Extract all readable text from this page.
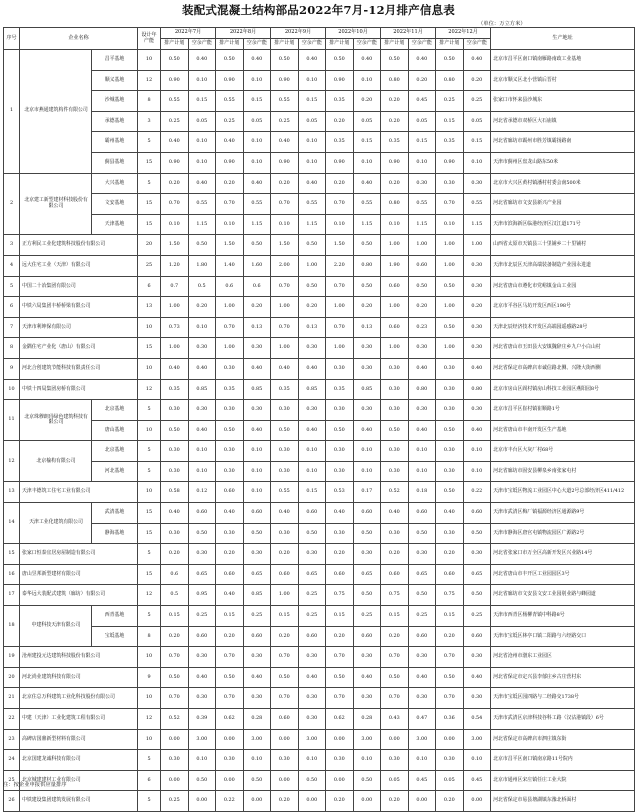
装配式混凝土结构部品2022年7月-12月排产信息表
（单位：万立方米）
序号	企业名称		设计年产能	2022年7月		2022年8月		2022年9月		2022年10月		2022年11月		2022年12月		生产地址
				排产计划	空余产能	排产计划	空余产能	排产计划	空余产能	排产计划	空余产能	排产计划	空余产能	排产计划	空余产能	
1	北京市燕通建筑构件有限公司	昌平基地	10	0.50	0.40	0.50	0.40	0.50	0.40	0.50	0.40	0.50	0.40	0.50	0.40	北京市昌平区南口镇南雁路南政工业基地
		顺义基地	12	0.90	0.10	0.90	0.10	0.90	0.10	0.90	0.10	0.80	0.20	0.80	0.20	北京市顺义区北小营镇后晋村
		沙城基地	8	0.55	0.15	0.55	0.15	0.55	0.15	0.35	0.20	0.20	0.45	0.25	0.25	张家口市怀来县沙城东
		承德基地	3	0.25	0.05	0.25	0.05	0.25	0.05	0.20	0.05	0.20	0.05	0.15	0.05	河北省承德市双桥区大石庙镇
		霸州基地	5	0.40	0.10	0.40	0.10	0.40	0.10	0.35	0.15	0.35	0.15	0.35	0.15	河北省廊坊市霸州市胜芳镇霸扬路南
		蓟县基地	15	0.90	0.10	0.90	0.10	0.90	0.10	0.90	0.10	0.90	0.10	0.90	0.10	天津市蓟州区盘龙山路东50米
2	北京建工新型建材科技股份有限公司	大兴基地	5	0.20	0.40	0.20	0.40	0.20	0.40	0.20	0.40	0.20	0.30	0.30	0.30	北京市大兴区黄村镇潘村村委会南500米
		文安基地	15	0.70	0.55	0.70	0.55	0.70	0.55	0.70	0.55	0.80	0.55	0.70	0.55	河北省廊坊市文安县新兴产业园
		天津基地	15	0.10	1.15	0.10	1.15	0.10	1.15	0.10	1.15	0.10	1.15	0.10	1.15	天津市滨海新区临港经济区汉江道171号
3	正方利民工业化建筑科技股份有限公司		20	1.50	0.50	1.50	0.50	1.50	0.50	1.50	0.50	1.00	1.00	1.00	1.00	山西省太原市天镇县三十里铺乡二十里铺村
4	远大住宅工业（天津）有限公司		25	1.20	1.80	1.40	1.60	2.00	1.00	2.20	0.80	1.90	0.60	1.00	0.30	天津市北辰区天津高端装备制造产业园永进道
5	中国二十冶集团有限公司		6	0.7	0.5	0.6	0.6	0.70	0.50	0.70	0.50	0.60	0.50	0.50	0.30	河北省唐山市遵化市党峪镇金山工业园
6	中铁六局集团丰桥桥梁有限公司		13	1.00	0.20	1.00	0.20	1.00	0.20	1.00	0.20	1.00	0.20	1.00	0.20	北京市平谷区马坊开发区西区198号
7	天津市利坤保有限公司		10	0.73	0.10	0.70	0.13	0.70	0.13	0.70	0.13	0.60	0.23	0.50	0.30	天津北辰经济技术开发区高端园遥感路28号
8	金隅住宅产业化（唐山）有限公司		15	1.00	0.30	1.00	0.30	1.00	0.30	1.00	0.30	1.00	0.30	1.00	0.30	河北省唐山市玉田县大安镇魏辞庄乡九户小白山村
9	河北合创建筑节能科技有限责任公司		10	0.40	0.40	0.30	0.40	0.40	0.40	0.30	0.30	0.30	0.40	0.30	0.40	河北省保定市高碑店市诚信路北侧、兴隆大街西侧
10	中铁十四局集团房桥有限公司		12	0.35	0.85	0.35	0.85	0.35	0.85	0.35	0.85	0.30	0.80	0.30	0.80	北京市房山区阎村镇房山科技工业园区燕阳园8号
11	北京珠穆朗玛绿色建筑科技有限公司	北京基地	5	0.30	0.30	0.30	0.30	0.30	0.30	0.30	0.30	0.30	0.30	0.30	0.30	北京市昌平区崔村镇崔顺路1号
		唐山基地	10	0.50	0.40	0.50	0.40	0.50	0.40	0.50	0.40	0.50	0.40	0.50	0.40	河北省唐山市丰南开发区生产基地
12	北京榆构有限公司	北京基地	5	0.30	0.10	0.30	0.10	0.30	0.10	0.30	0.10	0.30	0.10	0.30	0.10	北京市丰台区大灰厂村68号
		河北基地	5	0.30	0.10	0.30	0.10	0.30	0.10	0.30	0.10	0.30	0.10	0.30	0.10	河北省廊坊市固安县柳泉乡南张家屯村
13	天津丰德筑工住宅工业有限公司		10	0.58	0.12	0.60	0.10	0.55	0.15	0.53	0.17	0.52	0.18	0.50	0.22	天津市宝坻区物流工业园区中心大道2号总部经济区411/412
14	天津工业化建筑有限公司	武清基地	15	0.40	0.60	0.40	0.60	0.40	0.60	0.40	0.60	0.40	0.60	0.40	0.60	天津市武清区梅厂镇福源经济区通源路9号
		静海基地	15	0.30	0.50	0.30	0.50	0.30	0.50	0.30	0.50	0.30	0.50	0.30	0.50	天津市静海区唐官屯镇物流园区广源路2号
15	张家口恒泰宜居房屋制造有限公司		5	0.20	0.30	0.20	0.30	0.20	0.30	0.20	0.30	0.20	0.30	0.20	0.30	河北省张家口市万全区高新开发区兴业路14号
16	唐山昱邦新型建材有限公司		15	0.6	0.65	0.60	0.65	0.60	0.65	0.60	0.65	0.60	0.65	0.60	0.65	河北省唐山市丰开区工业园园区3号
17	泰华远大装配式建筑（廊坊）有限公司		12	0.5	0.95	0.40	0.85	1.00	0.25	0.75	0.50	0.75	0.50	0.75	0.50	河北省廊坊市文安县文安工业园别业路与蜂园道
18	中建科技天津有限公司	西青基地	5	0.15	0.25	0.15	0.25	0.15	0.25	0.15	0.25	0.15	0.25	0.15	0.25	天津市西青区杨柳青镇中科路8号
		宝坻基地	8	0.20	0.60	0.20	0.60	0.20	0.60	0.20	0.60	0.20	0.60	0.20	0.60	天津市宝坻区林亭口镇二阳路与六经路交口
19	沧州建投元达建筑科技股份有限公司		10	0.70	0.30	0.70	0.30	0.70	0.30	0.70	0.30	0.70	0.30	0.70	0.30	河北省沧州市渤东工业园区
20	河北尚业建筑科技有限公司		9	0.50	0.40	0.50	0.40	0.50	0.40	0.50	0.40	0.50	0.40	0.50	0.40	河北省保定市定兴县李郁庄乡古庄营村东
21	北京住总万科建筑工业化科技股份有限公司		10	0.70	0.30	0.70	0.30	0.70	0.30	0.70	0.30	0.70	0.30	0.70	0.30	天津市宝坻区园四路与二经路交1738号
22	中建（天津）工业化建筑工程有限公司		12	0.52	0.39	0.62	0.28	0.60	0.30	0.62	0.28	0.43	0.47	0.36	0.54	天津市武清区京津科技谷科工路（汉沽港镇段）6号
23	高碑店国鼎新型材料有限公司		10	0.00	3.00	0.00	3.00	0.00	3.00	0.00	3.00	0.00	3.00	0.00	3.00	河北省保定市高碑店市泗庄镇东街
24	北京国建龙诚科技有限公司		5	0.30	0.10	0.30	0.10	0.30	0.10	0.30	0.10	0.30	0.10	0.30	0.10	北京市昌平区南口镇南京路11号院内
25	北京城建建材工业有限公司		6	0.00	0.50	0.00	0.50	0.00	0.50	0.00	0.50	0.05	0.45	0.05	0.45	北京市通州区宋庄镇任庄工业大院
26	中铁建设集团建筑发展有限公司		5	0.25	0.00	0.22	0.00	0.20	0.00	0.20	0.00	0.20	0.00	0.20	0.00	河北省保定市易县塘湖镇东豫北桥面村
注：按企业申报供应量排序
